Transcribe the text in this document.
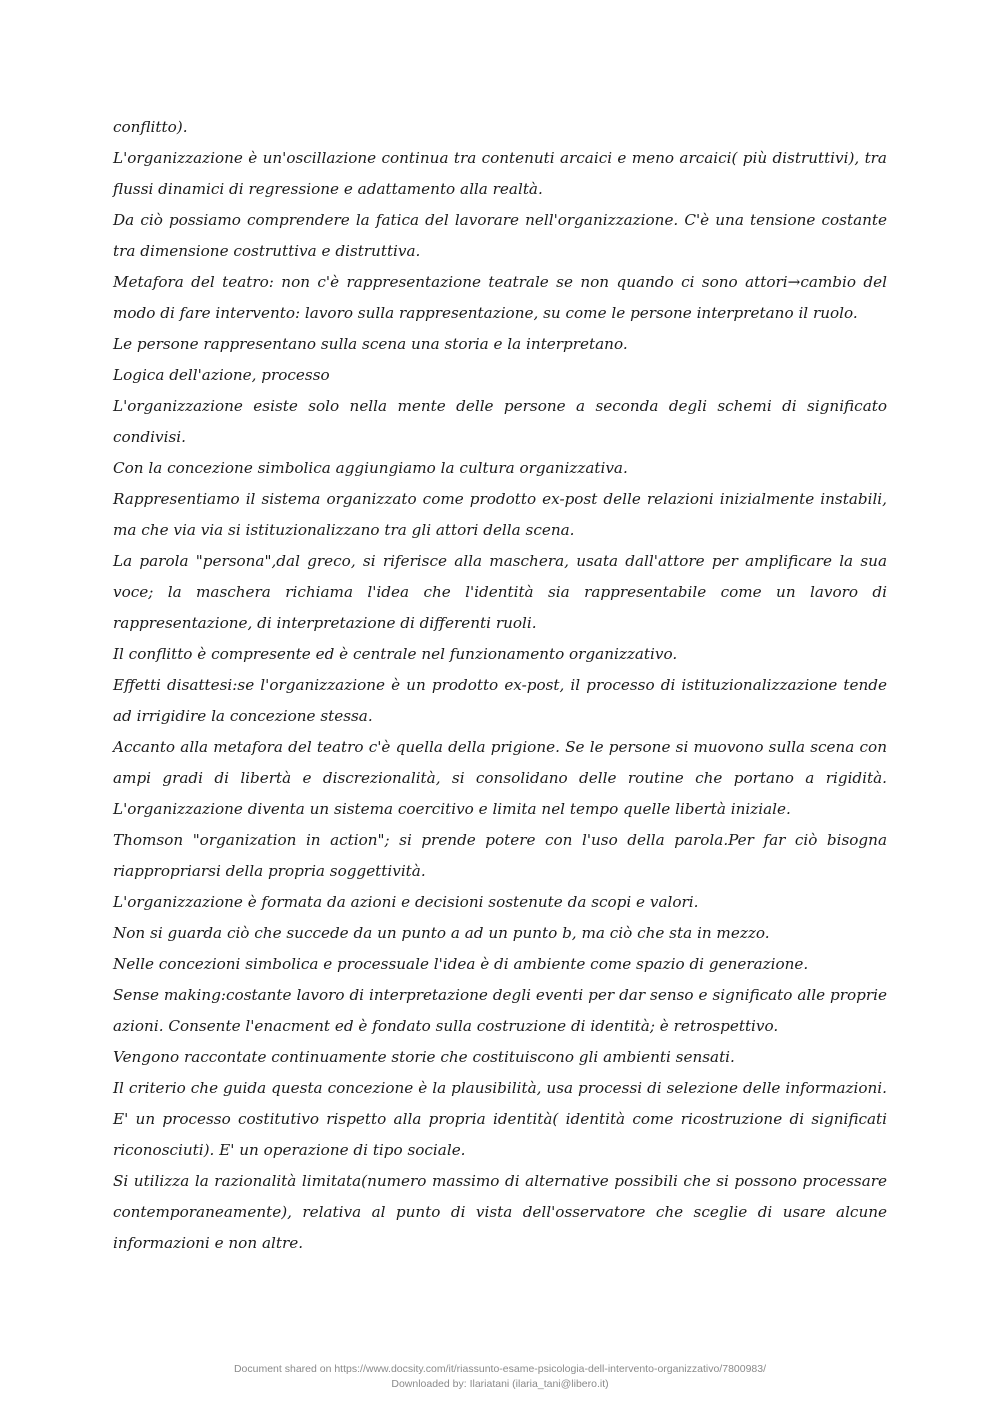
conflitto).

L'organizzazione è un'oscillazione continua tra contenuti arcaici e meno arcaici( più distruttivi), tra flussi dinamici di regressione e adattamento alla realtà.

Da ciò possiamo comprendere la fatica del lavorare nell'organizzazione. C'è una tensione costante tra dimensione costruttiva e distruttiva.

Metafora del teatro: non c'è rappresentazione teatrale se non quando ci sono attori→cambio del modo di fare intervento: lavoro sulla rappresentazione, su come le persone interpretano il ruolo.

Le persone rappresentano sulla scena una storia e la interpretano.

Logica dell'azione, processo

L'organizzazione esiste solo nella mente delle persone a seconda degli schemi di significato condivisi.

Con la concezione simbolica aggiungiamo la cultura organizzativa.

Rappresentiamo il sistema organizzato come prodotto ex-post delle relazioni inizialmente instabili, ma che via via si istituzionalizzano tra gli attori della scena.

La parola "persona",dal greco, si riferisce alla maschera, usata dall'attore per amplificare la sua voce; la maschera richiama l'idea che l'identità sia rappresentabile come un lavoro di rappresentazione, di interpretazione di differenti ruoli.

Il conflitto è compresente ed è centrale nel funzionamento organizzativo.

Effetti disattesi:se l'organizzazione è un prodotto ex-post, il processo di istituzionalizzazione tende ad irrigidire la concezione stessa.

Accanto alla metafora del teatro c'è quella della prigione. Se le persone si muovono sulla scena con ampi gradi di libertà e discrezionalità, si consolidano delle routine che portano a rigidità. L'organizzazione diventa un sistema coercitivo e limita nel tempo quelle libertà iniziale.

Thomson "organization in action"; si prende potere con l'uso della parola.Per far ciò bisogna riappropriarsi della propria soggettività.

L'organizzazione è formata da azioni e decisioni sostenute da scopi e valori.

Non si guarda ciò che succede da un punto a ad un punto b, ma ciò che sta in mezzo.

Nelle concezioni simbolica e processuale l'idea è di ambiente come spazio di generazione.

Sense making:costante lavoro di interpretazione degli eventi per dar senso e significato alle proprie azioni. Consente l'enacment ed è fondato sulla costruzione di identità; è retrospettivo.

Vengono raccontate continuamente storie che costituiscono gli ambienti sensati.

Il criterio che guida questa concezione è la plausibilità, usa processi di selezione delle informazioni. E' un processo costitutivo rispetto alla propria identità( identità come ricostruzione di significati riconosciuti). E' un operazione di tipo sociale.

Si utilizza la razionalità limitata(numero massimo di alternative possibili che si possono processare contemporaneamente), relativa al punto di vista dell'osservatore che sceglie di usare alcune informazioni e non altre.

Document shared on https://www.docsity.com/it/riassunto-esame-psicologia-dell-intervento-organizzativo/7800983/
Downloaded by: Ilariatani (ilaria_tani@libero.it)
